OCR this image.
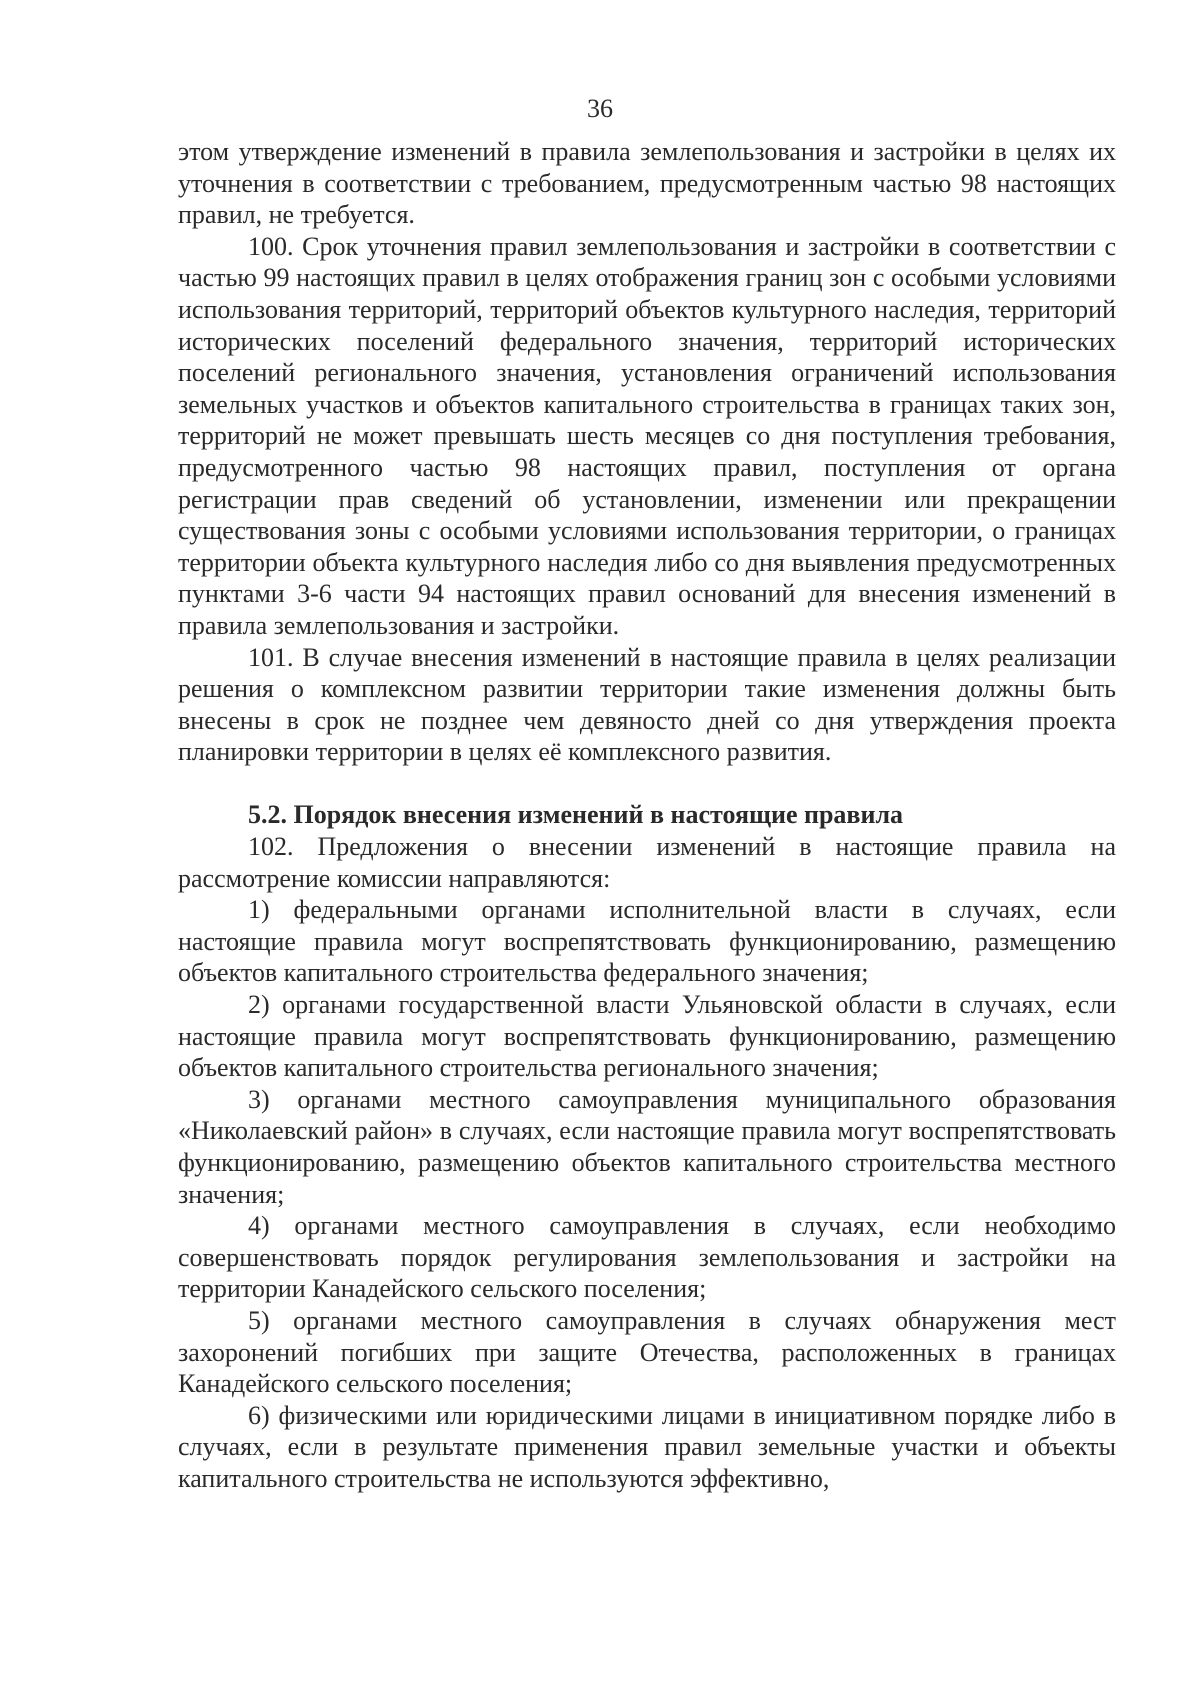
36

этом утверждение изменений в правила землепользования и застройки в целях их уточнения в соответствии с требованием, предусмотренным частью 98 настоящих правил, не требуется.

100. Срок уточнения правил землепользования и застройки в соответствии с частью 99 настоящих правил в целях отображения границ зон с особыми условиями использования территорий, территорий объектов культурного наследия, территорий исторических поселений федерального значения, территорий исторических поселений регионального значения, установления ограничений использования земельных участков и объектов капитального строительства в границах таких зон, территорий не может превышать шесть месяцев со дня поступления требования, предусмотренного частью 98 настоящих правил, поступления от органа регистрации прав сведений об установлении, изменении или прекращении существования зоны с особыми условиями использования территории, о границах территории объекта культурного наследия либо со дня выявления предусмотренных пунктами 3-6 части 94 настоящих правил оснований для внесения изменений в правила землепользования и застройки.

101. В случае внесения изменений в настоящие правила в целях реализации решения о комплексном развитии территории такие изменения должны быть внесены в срок не позднее чем девяносто дней со дня утверждения проекта планировки территории в целях её комплексного развития.

5.2. Порядок внесения изменений в настоящие правила

102. Предложения о внесении изменений в настоящие правила на рассмотрение комиссии направляются:

1) федеральными органами исполнительной власти в случаях, если настоящие правила могут воспрепятствовать функционированию, размещению объектов капитального строительства федерального значения;

2) органами государственной власти Ульяновской области в случаях, если настоящие правила могут воспрепятствовать функционированию, размещению объектов капитального строительства регионального значения;

3) органами местного самоуправления муниципального образования «Николаевский район» в случаях, если настоящие правила могут воспрепятствовать функционированию, размещению объектов капитального строительства местного значения;

4) органами местного самоуправления в случаях, если необходимо совершенствовать порядок регулирования землепользования и застройки на территории Канадейского сельского поселения;

5) органами местного самоуправления в случаях обнаружения мест захоронений погибших при защите Отечества, расположенных в границах Канадейского сельского поселения;

6) физическими или юридическими лицами в инициативном порядке либо в случаях, если в результате применения правил земельные участки и объекты капитального строительства не используются эффективно,
